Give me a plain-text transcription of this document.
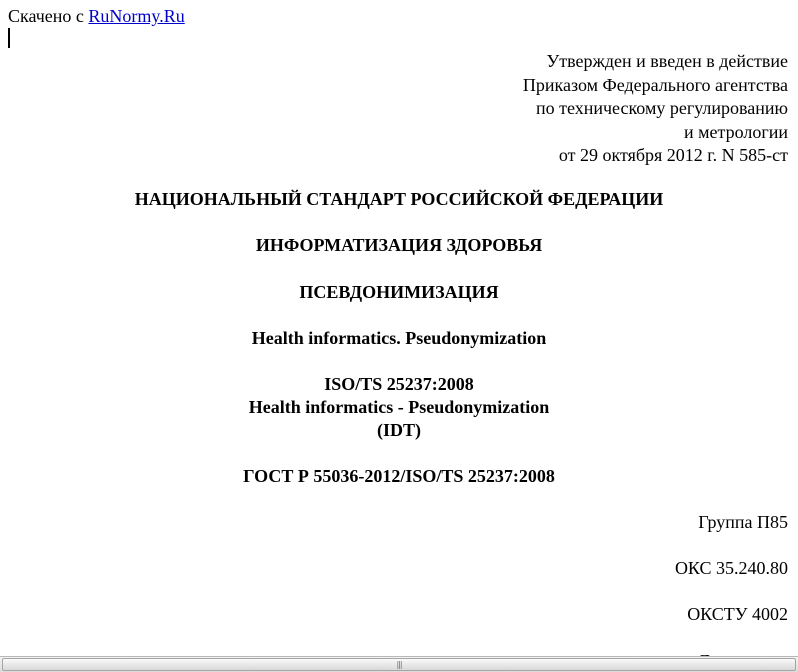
Скачено с RuNormy.Ru
Утвержден и введен в действие
Приказом Федерального агентства
по техническому регулированию
и метрологии
от 29 октября 2012 г. N 585-ст
НАЦИОНАЛЬНЫЙ СТАНДАРТ РОССИЙСКОЙ ФЕДЕРАЦИИ
ИНФОРМАТИЗАЦИЯ ЗДОРОВЬЯ
ПСЕВДОНИМИЗАЦИЯ
Health informatics. Pseudonymization
ISO/TS 25237:2008
Health informatics - Pseudonymization
(IDT)
ГОСТ Р 55036-2012/ISO/TS 25237:2008
Группа П85
ОКС 35.240.80
ОКСТУ 4002
|||
